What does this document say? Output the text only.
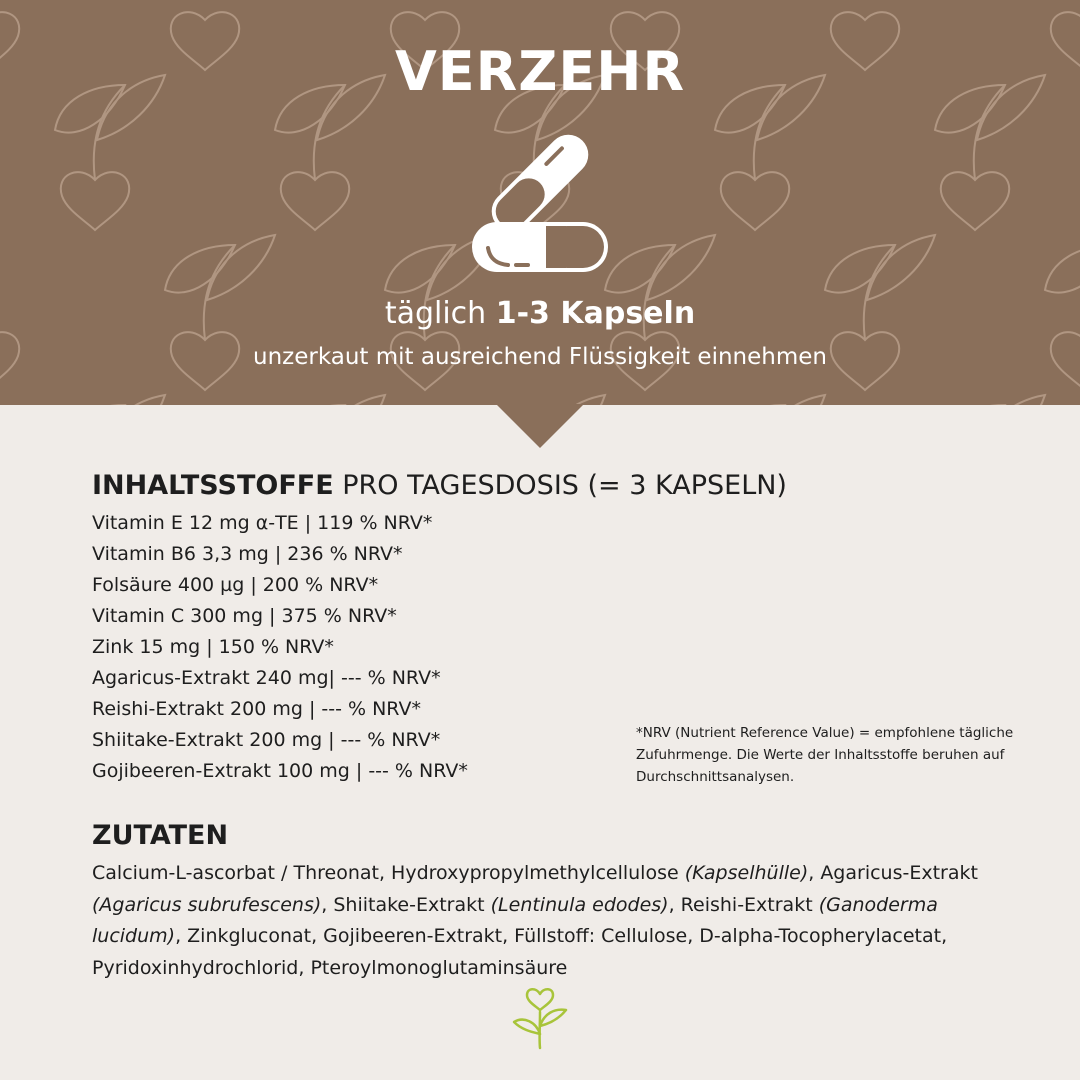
VERZEHR
täglich 1-3 Kapseln
unzerkaut mit ausreichend Flüssigkeit einnehmen
INHALTSSTOFFE PRO TAGESDOSIS (= 3 KAPSELN)
Vitamin E 12 mg α-TE | 119 % NRV*
Vitamin B6 3,3 mg | 236 % NRV*
Folsäure 400 µg | 200 % NRV*
Vitamin C 300 mg | 375 % NRV*
Zink 15 mg | 150 % NRV*
Agaricus-Extrakt 240 mg| --- % NRV*
Reishi-Extrakt 200 mg | --- % NRV*
Shiitake-Extrakt 200 mg | --- % NRV*
Gojibeeren-Extrakt 100 mg | --- % NRV*
*NRV (Nutrient Reference Value) = empfohlene tägliche Zufuhrmenge. Die Werte der Inhaltsstoffe beruhen auf Durchschnittsanalysen.
ZUTATEN
Calcium-L-ascorbat / Threonat, Hydroxypropylmethylcellulose (Kapselhülle), Agaricus-Extrakt (Agaricus subrufescens), Shiitake-Extrakt (Lentinula edodes), Reishi-Extrakt (Ganoderma lucidum), Zinkgluconat, Gojibeeren-Extrakt, Füllstoff: Cellulose, D-alpha-Tocopherylacetat, Pyridoxinhydrochlorid, Pteroylmonoglutaminsäure
